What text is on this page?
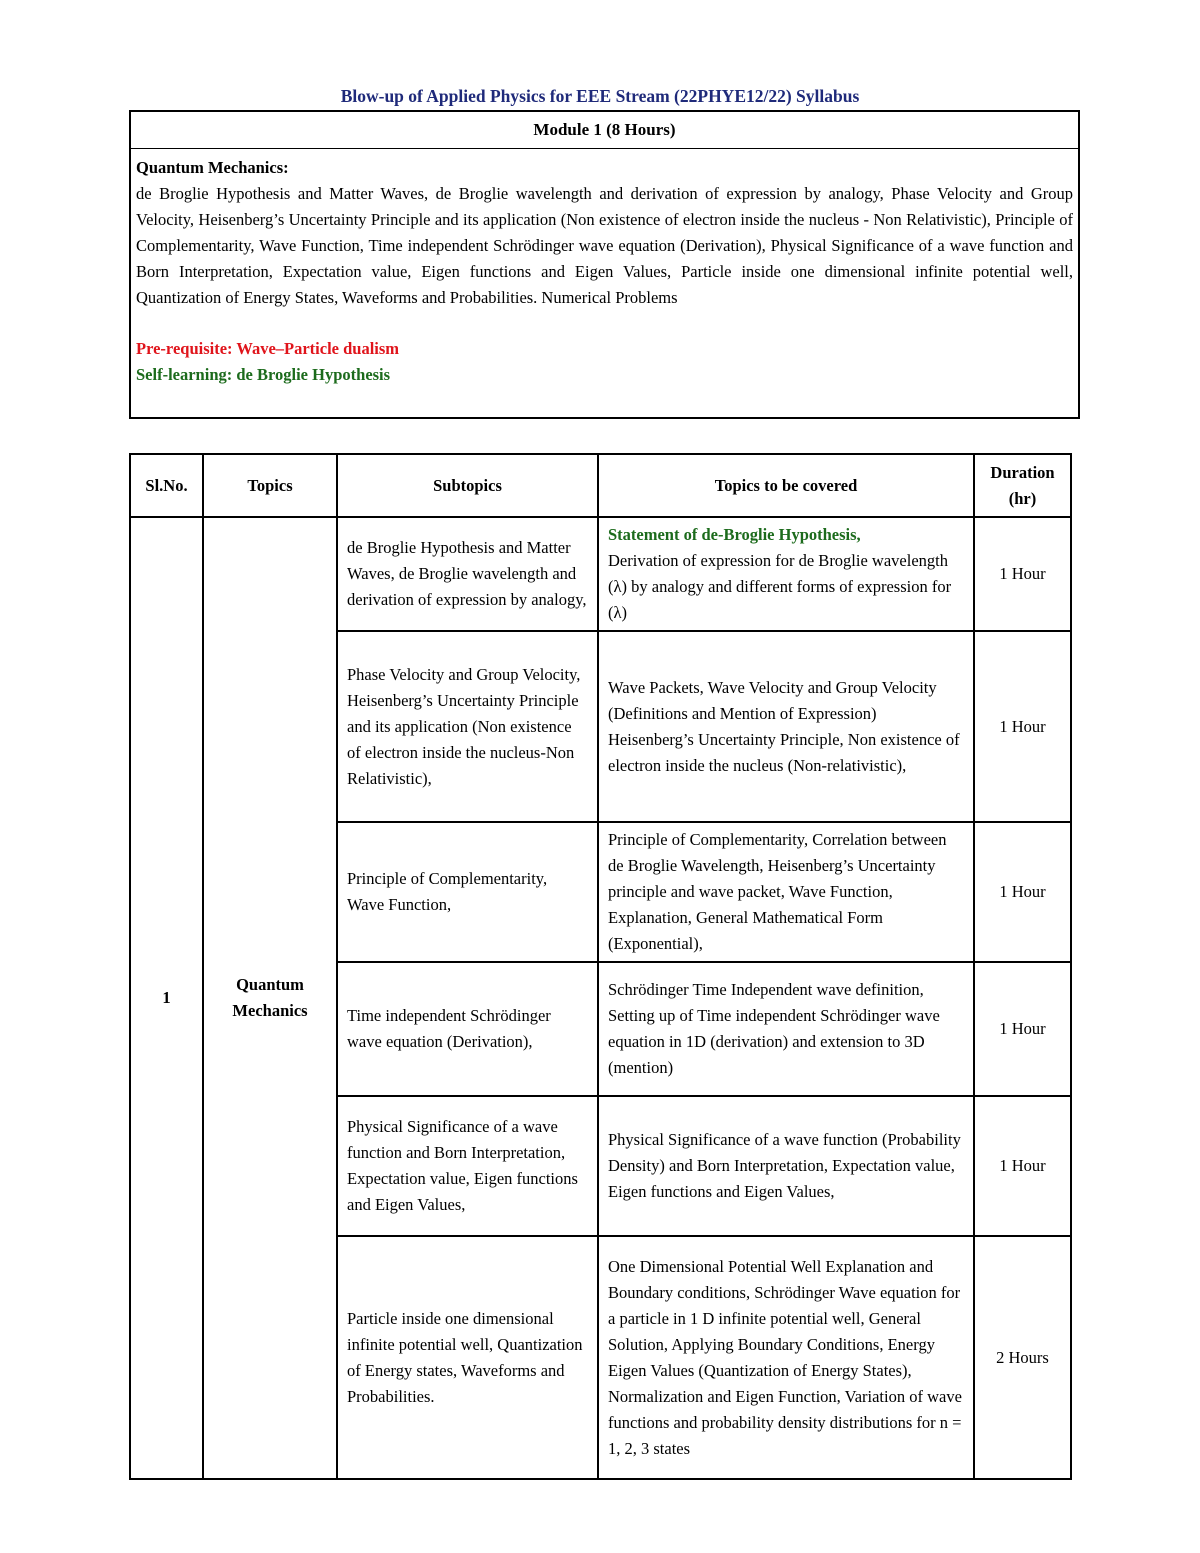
Blow-up of Applied Physics for EEE Stream (22PHYE12/22) Syllabus
Module 1 (8 Hours)
Quantum Mechanics:
de Broglie Hypothesis and Matter Waves, de Broglie wavelength and derivation of expression by analogy, Phase Velocity and Group Velocity, Heisenberg’s Uncertainty Principle and its application (Non existence of electron inside the nucleus - Non Relativistic), Principle of Complementarity, Wave Function, Time independent Schrödinger wave equation (Derivation), Physical Significance of a wave function and Born Interpretation, Expectation value, Eigen functions and Eigen Values, Particle inside one dimensional infinite potential well, Quantization of Energy States, Waveforms and Probabilities. Numerical Problems
Pre-requisite: Wave–Particle dualism
Self-learning: de Broglie Hypothesis
Sl.No.	Topics	Subtopics	Topics to be covered	Duration (hr)
1	Quantum Mechanics	de Broglie Hypothesis and Matter Waves, de Broglie wavelength and derivation of expression by analogy,	Statement of de-Broglie Hypothesis,
Derivation of expression for de Broglie wavelength (λ) by analogy and different forms of expression for (λ)	1 Hour
		Phase Velocity and Group Velocity, Heisenberg’s Uncertainty Principle and its application (Non existence of electron inside the nucleus-Non Relativistic),	Wave Packets, Wave Velocity and Group Velocity (Definitions and Mention of Expression) Heisenberg’s Uncertainty Principle, Non existence of electron inside the nucleus (Non-relativistic),	1 Hour
		Principle of Complementarity, Wave Function,	Principle of Complementarity, Correlation between de Broglie Wavelength, Heisenberg’s Uncertainty principle and wave packet, Wave Function, Explanation, General Mathematical Form (Exponential),	1 Hour
		Time independent Schrödinger wave equation (Derivation),	Schrödinger Time Independent wave definition, Setting up of Time independent Schrödinger wave equation in 1D (derivation) and extension to 3D (mention)	1 Hour
		Physical Significance of a wave function and Born Interpretation, Expectation value, Eigen functions and Eigen Values,	Physical Significance of a wave function (Probability Density) and Born Interpretation, Expectation value, Eigen functions and Eigen Values,	1 Hour
		Particle inside one dimensional infinite potential well, Quantization of Energy states, Waveforms and Probabilities.	One Dimensional Potential Well Explanation and Boundary conditions, Schrödinger Wave equation for a particle in 1 D infinite potential well, General Solution, Applying Boundary Conditions, Energy Eigen Values (Quantization of Energy States), Normalization and Eigen Function, Variation of wave functions and probability density distributions for n = 1, 2, 3 states	2 Hours
